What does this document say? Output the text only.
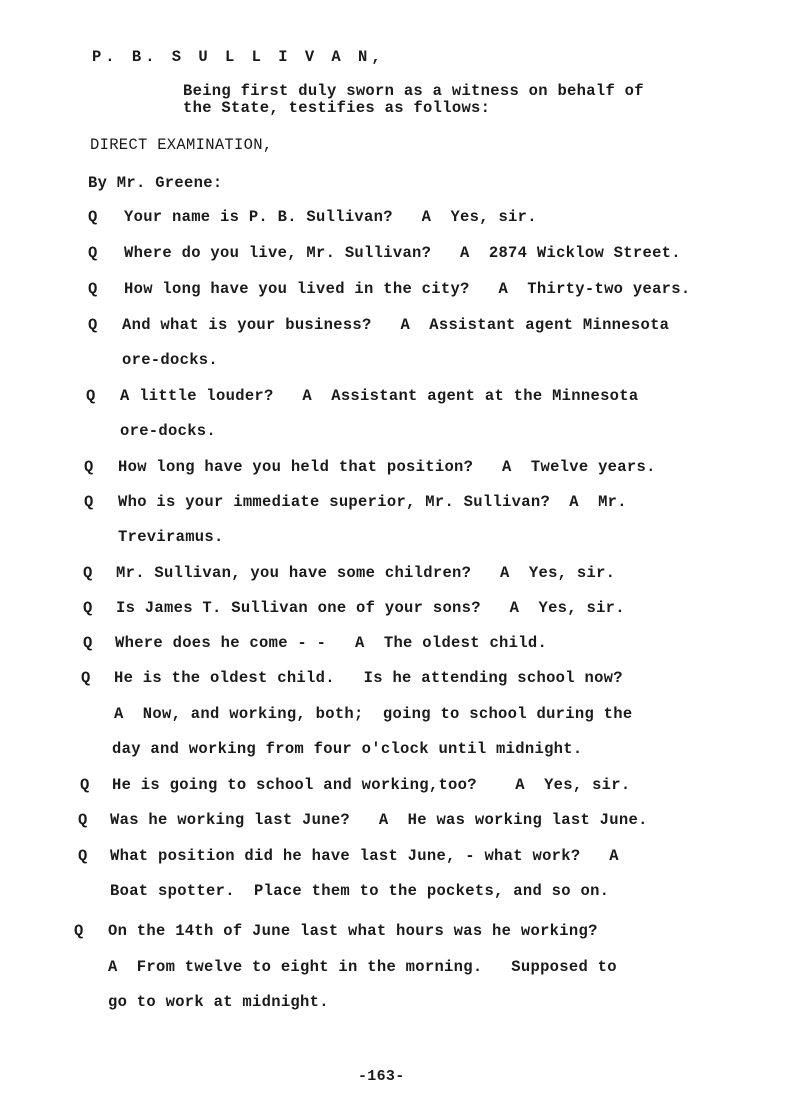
P. B. S U L L I V A N,
Being first duly sworn as a witness on behalf of
the State, testifies as follows:
DIRECT EXAMINATION,
By Mr. Greene:
Q Your name is P. B. Sullivan?   A  Yes, sir.
Q Where do you live, Mr. Sullivan?   A  2874 Wicklow Street.
Q How long have you lived in the city?   A  Thirty-two years.
Q And what is your business?   A  Assistant agent Minnesota
ore-docks.
Q A little louder?   A  Assistant agent at the Minnesota
ore-docks.
Q How long have you held that position?   A  Twelve years.
Q Who is your immediate superior, Mr. Sullivan?  A  Mr.
Treviramus.
Q Mr. Sullivan, you have some children?   A  Yes, sir.
Q Is James T. Sullivan one of your sons?   A  Yes, sir.
Q Where does he come - -   A  The oldest child.
Q He is the oldest child.   Is he attending school now?
A  Now, and working, both;  going to school during the
day and working from four o'clock until midnight.
Q He is going to school and working,too?    A  Yes, sir.
Q Was he working last June?   A  He was working last June.
Q What position did he have last June, - what work?   A
Boat spotter.  Place them to the pockets, and so on.
Q On the 14th of June last what hours was he working?
A  From twelve to eight in the morning.   Supposed to
go to work at midnight.
-163-
